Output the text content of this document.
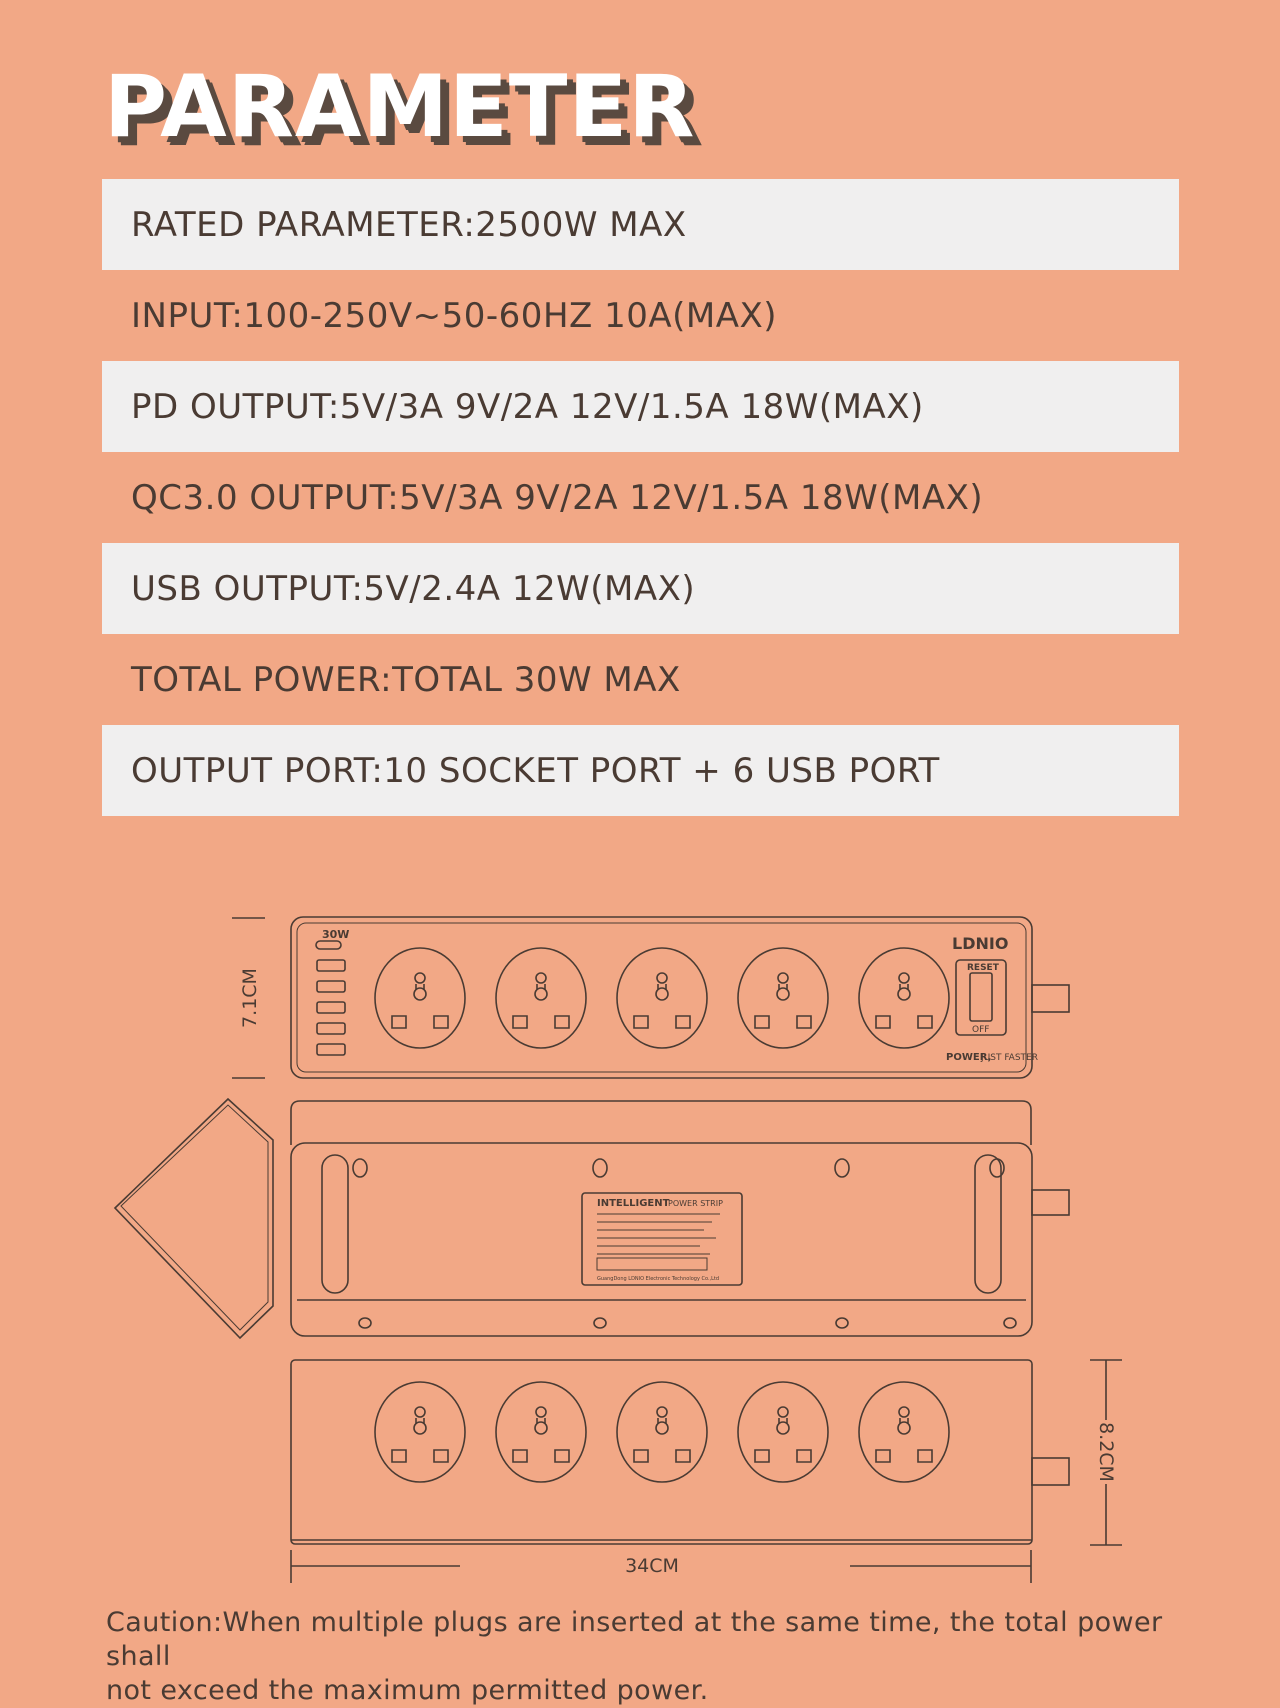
PARAMETER
RATED PARAMETER:2500W MAX
INPUT:100-250V~50-60HZ 10A(MAX)
PD OUTPUT:5V/3A 9V/2A 12V/1.5A 18W(MAX)
QC3.0 OUTPUT:5V/3A 9V/2A 12V/1.5A 18W(MAX)
USB OUTPUT:5V/2.4A 12W(MAX)
TOTAL POWER:TOTAL 30W MAX
OUTPUT PORT:10 SOCKET PORT + 6 USB PORT
30W	LDNIO
RESET
OFF
POWER,
JUST FASTER
7.1CM
INTELLIGENT
POWER STRIP
GuangDong LDNIO Electronic Technology Co.,Ltd
8.2CM
34CM
Caution:When multiple plugs are inserted at the same time, the total power shall
not exceed the maximum permitted power.
